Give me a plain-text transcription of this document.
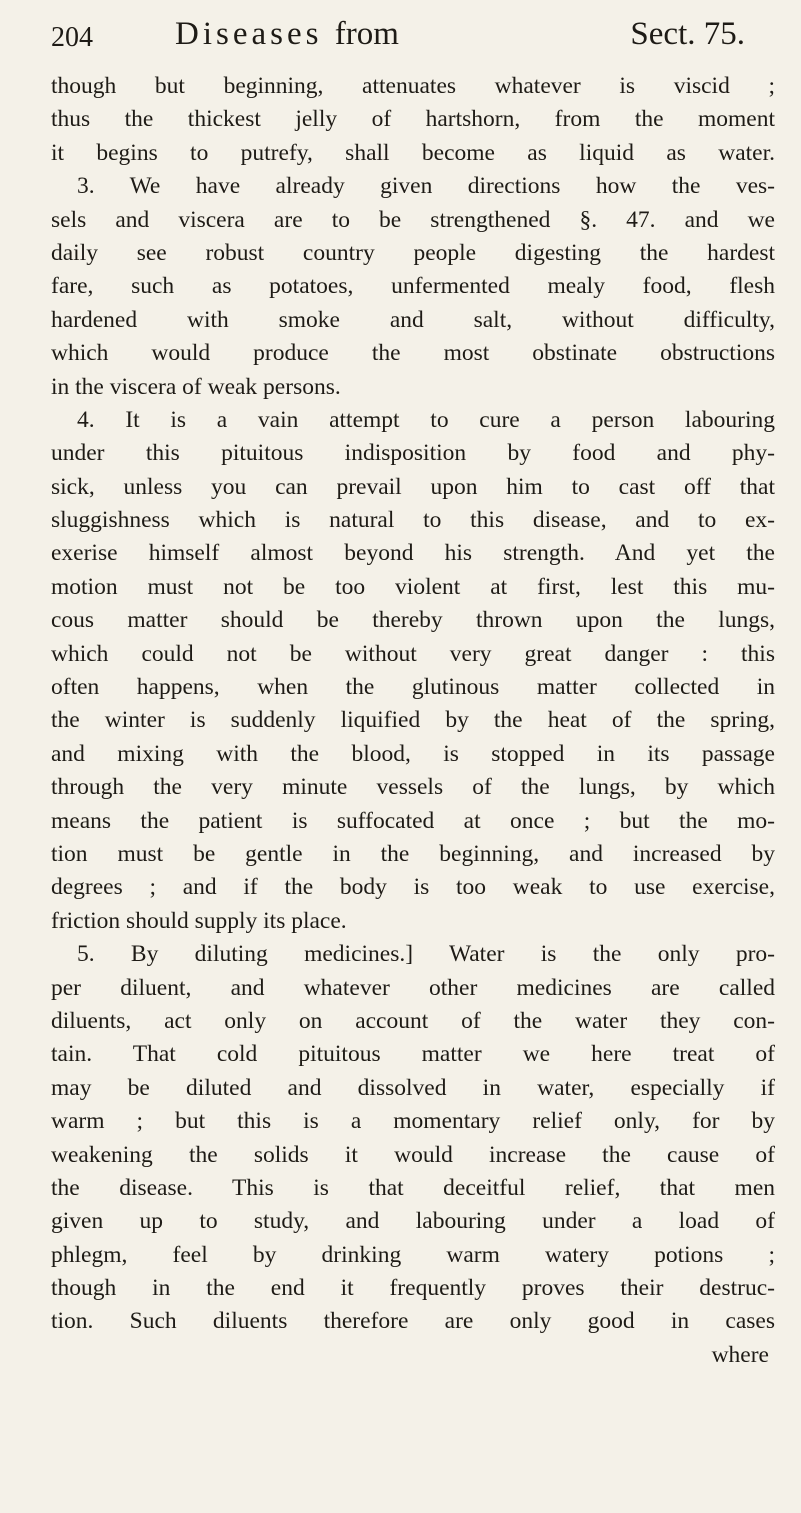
204 Diseases from	Sect. 75.
though but beginning, attenuates whatever is viscid ;
thus the thickest jelly of hartshorn, from the moment
it begins to putrefy, shall become as liquid as water.
3. We have already given directions how the ves-
sels and viscera are to be strengthened §. 47. and we
daily see robust country people digesting the hardest
fare, such as potatoes, unfermented mealy food, flesh
hardened with smoke and salt, without difficulty,
which would produce the most obstinate obstructions
in the viscera of weak persons.
4. It is a vain attempt to cure a person labouring
under this pituitous indisposition by food and phy-
sick, unless you can prevail upon him to cast off that
sluggishness which is natural to this disease, and to ex-
exerise himself almost beyond his strength. And yet the
motion must not be too violent at first, lest this mu-
cous matter should be thereby thrown upon the lungs,
which could not be without very great danger : this
often happens, when the glutinous matter collected in
the winter is suddenly liquified by the heat of the spring,
and mixing with the blood, is stopped in its passage
through the very minute vessels of the lungs, by which
means the patient is suffocated at once ; but the mo-
tion must be gentle in the beginning, and increased by
degrees ; and if the body is too weak to use exercise,
friction should supply its place.
5. By diluting medicines.] Water is the only pro-
per diluent, and whatever other medicines are called
diluents, act only on account of the water they con-
tain. That cold pituitous matter we here treat of
may be diluted and dissolved in water, especially if
warm ; but this is a momentary relief only, for by
weakening the solids it would increase the cause of
the disease. This is that deceitful relief, that men
given up to study, and labouring under a load of
phlegm, feel by drinking warm watery potions ;
though in the end it frequently proves their destruc-
tion. Such diluents therefore are only good in cases
where
